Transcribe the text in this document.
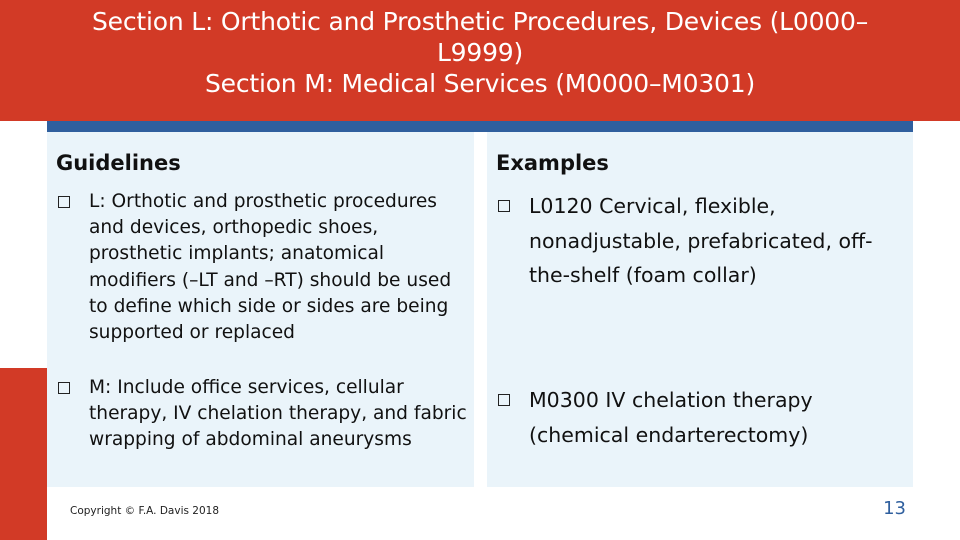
Section L: Orthotic and Prosthetic Procedures, Devices (L0000–
L9999)
Section M: Medical Services (M0000–M0301)
Guidelines
L: Orthotic and prosthetic procedures and devices, orthopedic shoes, prosthetic implants; anatomical modifiers (–LT and –RT) should be used to define which side or sides are being supported or replaced
M: Include office services, cellular therapy, IV chelation therapy, and fabric wrapping of abdominal aneurysms
Examples
L0120 Cervical, flexible, nonadjustable, prefabricated, off-the-shelf (foam collar)
M0300 IV chelation therapy (chemical endarterectomy)
Copyright © F.A. Davis 2018	13
